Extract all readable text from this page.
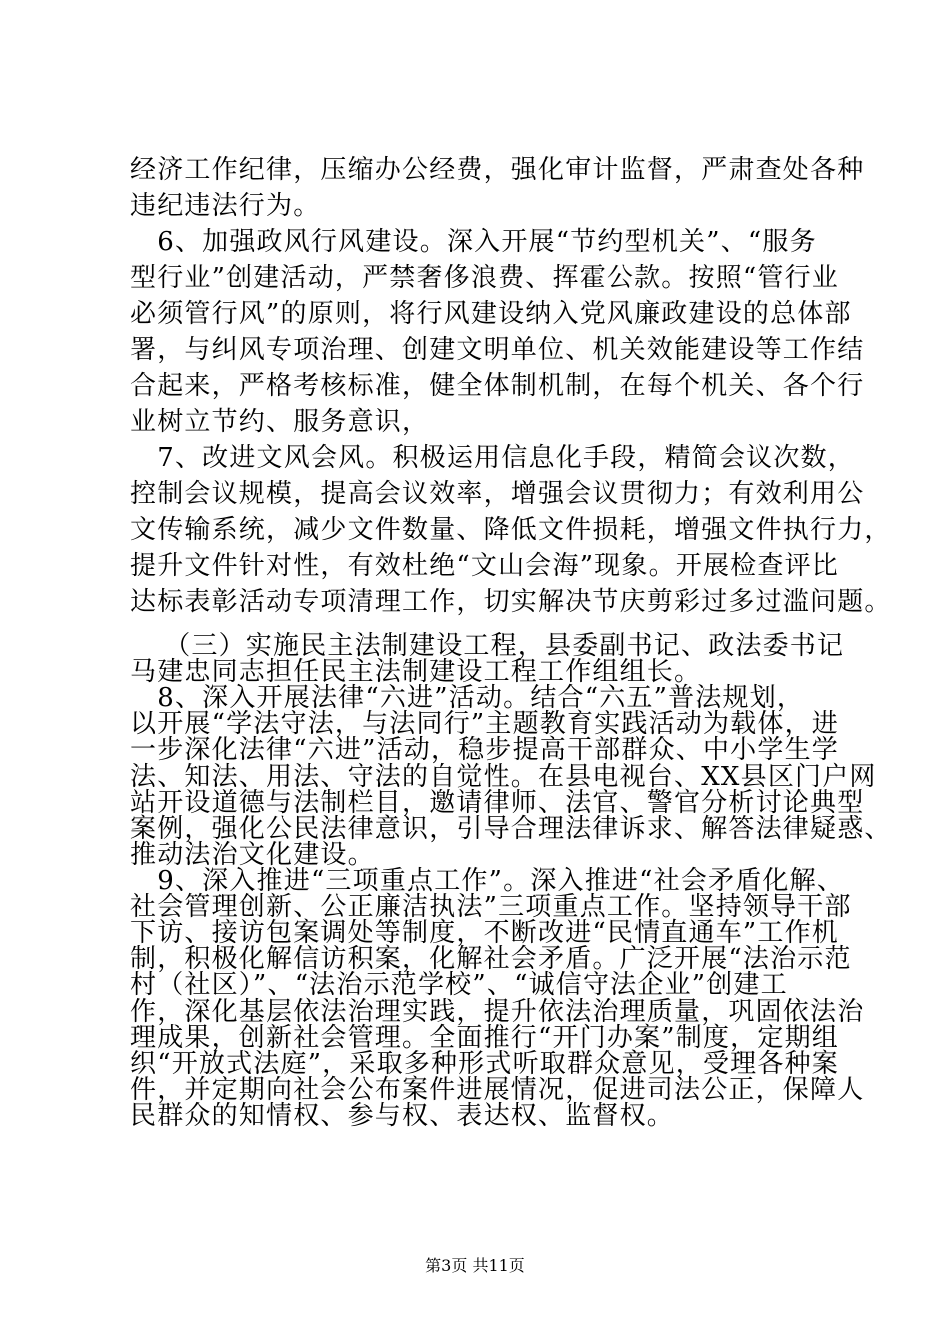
经济工作纪律，压缩办公经费，强化审计监督，严肃查处各种
违纪违法行为。
　6、加强政风行风建设。深入开展“节约型机关”、“服务
型行业”创建活动，严禁奢侈浪费、挥霍公款。按照“管行业
必须管行风”的原则，将行风建设纳入党风廉政建设的总体部
署，与纠风专项治理、创建文明单位、机关效能建设等工作结
合起来，严格考核标准，健全体制机制，在每个机关、各个行
业树立节约、服务意识，
　7、改进文风会风。积极运用信息化手段，精简会议次数，
控制会议规模，提高会议效率，增强会议贯彻力；有效利用公
文传输系统，减少文件数量、降低文件损耗，增强文件执行力，
提升文件针对性，有效杜绝“文山会海”现象。开展检查评比
达标表彰活动专项清理工作，切实解决节庆剪彩过多过滥问题。
　（三）实施民主法制建设工程，县委副书记、政法委书记
马建忠同志担任民主法制建设工程工作组组长。
　8、深入开展法律“六进”活动。结合“六五”普法规划，
以开展“学法守法，与法同行”主题教育实践活动为载体，进
一步深化法律“六进”活动，稳步提高干部群众、中小学生学
法、知法、用法、守法的自觉性。在县电视台、XX县区门户网
站开设道德与法制栏目，邀请律师、法官、警官分析讨论典型
案例，强化公民法律意识，引导合理法律诉求、解答法律疑惑、
推动法治文化建设。
　9、深入推进“三项重点工作”。深入推进“社会矛盾化解、
社会管理创新、公正廉洁执法”三项重点工作。坚持领导干部
下访、接访包案调处等制度，不断改进“民情直通车”工作机
制，积极化解信访积案，化解社会矛盾。广泛开展“法治示范
村（社区）”、“法治示范学校”、“诚信守法企业”创建工
作，深化基层依法治理实践，提升依法治理质量，巩固依法治
理成果，创新社会管理。全面推行“开门办案”制度，定期组
织“开放式法庭”，采取多种形式听取群众意见，受理各种案
件，并定期向社会公布案件进展情况，促进司法公正，保障人
民群众的知情权、参与权、表达权、监督权。
第3页 共11页
